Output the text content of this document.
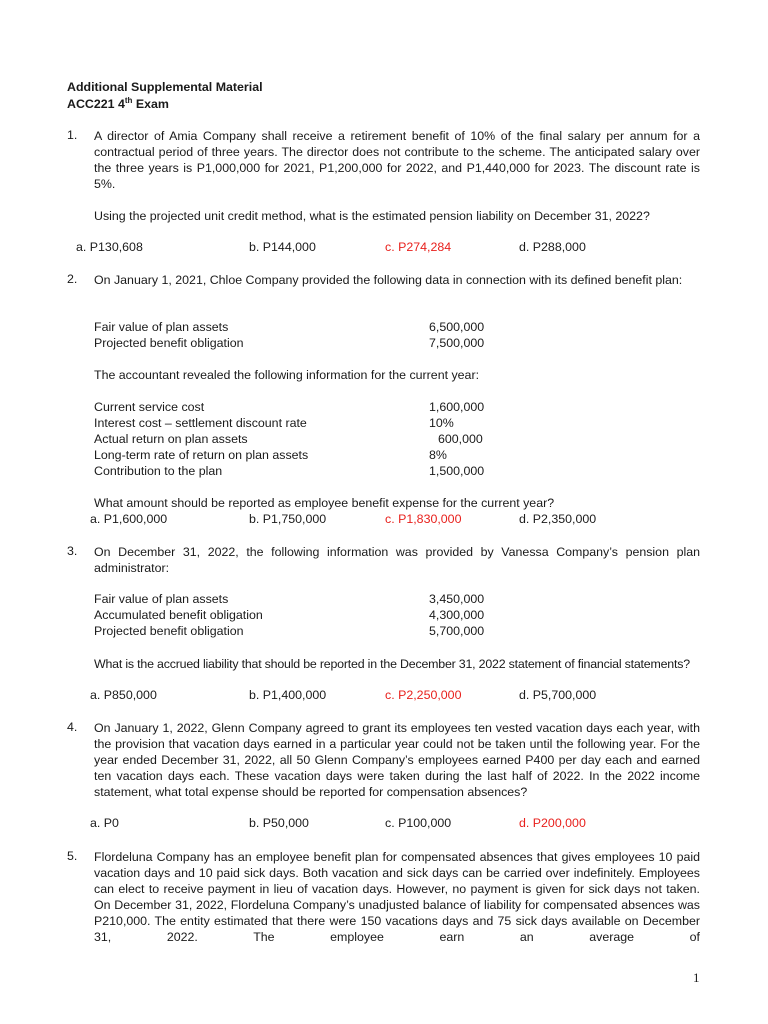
Additional Supplemental Material
ACC221 4th Exam
1. A director of Amia Company shall receive a retirement benefit of 10% of the final salary per annum for a contractual period of three years. The director does not contribute to the scheme. The anticipated salary over the three years is P1,000,000 for 2021, P1,200,000 for 2022, and P1,440,000 for 2023. The discount rate is 5%.
Using the projected unit credit method, what is the estimated pension liability on December 31, 2022?
a. P130,608	b. P144,000	c. P274,284	d. P288,000
2. On January 1, 2021, Chloe Company provided the following data in connection with its defined benefit plan:
Fair value of plan assets	6,500,000
Projected benefit obligation	7,500,000
The accountant revealed the following information for the current year:
Current service cost	1,600,000
Interest cost – settlement discount rate	10%
Actual return on plan assets	600,000
Long-term rate of return on plan assets	8%
Contribution to the plan	1,500,000
What amount should be reported as employee benefit expense for the current year?
a. P1,600,000	b. P1,750,000	c. P1,830,000	d. P2,350,000
3. On December 31, 2022, the following information was provided by Vanessa Company’s pension plan administrator:
Fair value of plan assets	3,450,000
Accumulated benefit obligation	4,300,000
Projected benefit obligation	5,700,000
What is the accrued liability that should be reported in the December 31, 2022 statement of financial statements?
a. P850,000	b. P1,400,000	c. P2,250,000	d. P5,700,000
4. On January 1, 2022, Glenn Company agreed to grant its employees ten vested vacation days each year, with the provision that vacation days earned in a particular year could not be taken until the following year. For the year ended December 31, 2022, all 50 Glenn Company’s employees earned P400 per day each and earned ten vacation days each. These vacation days were taken during the last half of 2022. In the 2022 income statement, what total expense should be reported for compensation absences?
a. P0	b. P50,000	c. P100,000	d. P200,000
5. Flordeluna Company has an employee benefit plan for compensated absences that gives employees 10 paid vacation days and 10 paid sick days. Both vacation and sick days can be carried over indefinitely. Employees can elect to receive payment in lieu of vacation days. However, no payment is given for sick days not taken. On December 31, 2022, Flordeluna Company’s unadjusted balance of liability for compensated absences was P210,000. The entity estimated that there were 150 vacations days and 75 sick days available on December 31, 2022. The employee earn an average of
1
